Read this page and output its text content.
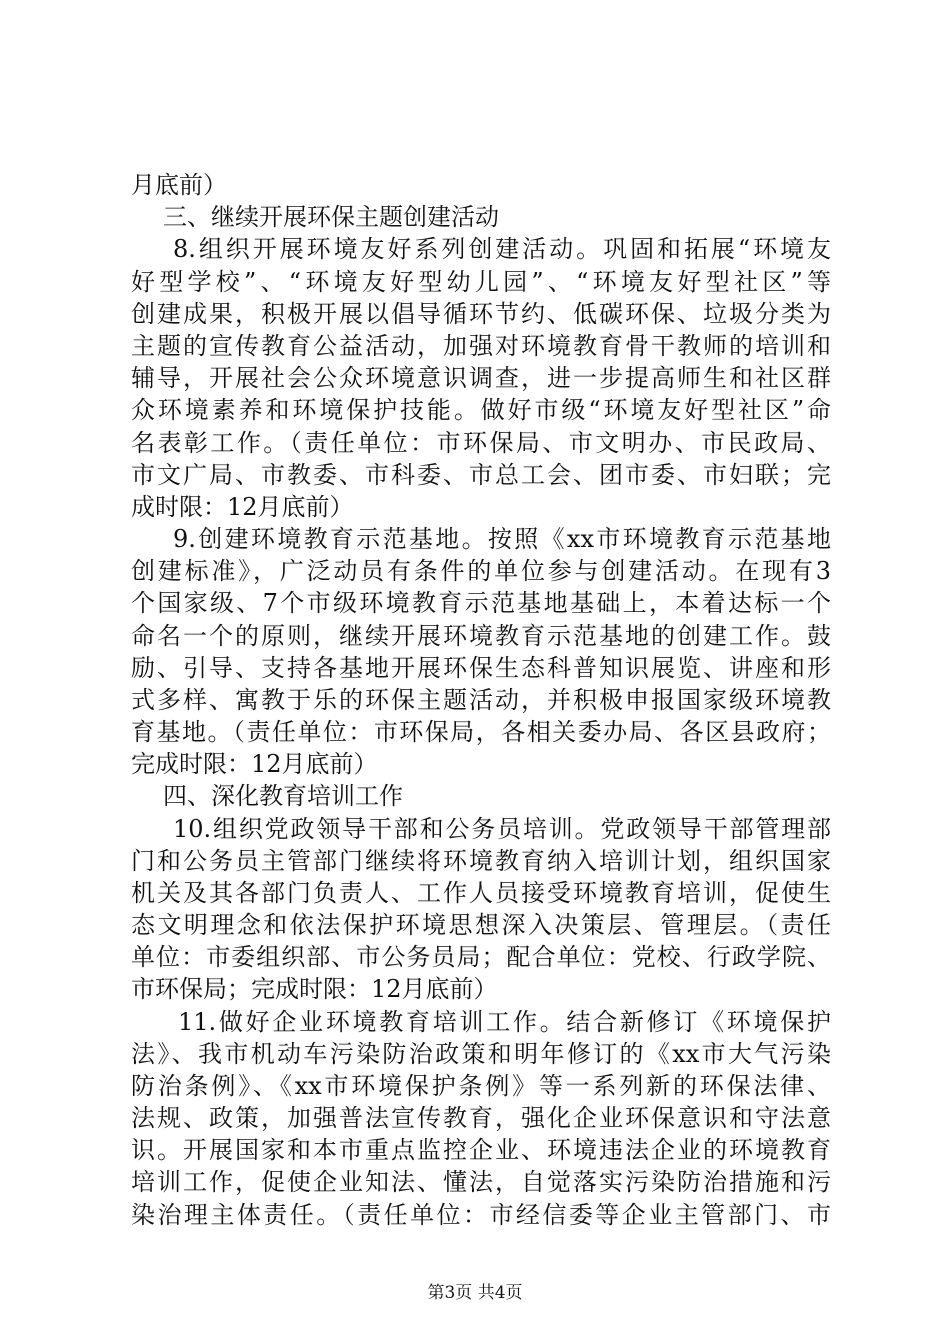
月底前）
三、继续开展环保主题创建活动
8.组织开展环境友好系列创建活动。巩固和拓展“环境友
好型学校”、“环境友好型幼儿园”、“环境友好型社区”等
创建成果，积极开展以倡导循环节约、低碳环保、垃圾分类为
主题的宣传教育公益活动，加强对环境教育骨干教师的培训和
辅导，开展社会公众环境意识调查，进一步提高师生和社区群
众环境素养和环境保护技能。做好市级“环境友好型社区”命
名表彰工作。（责任单位：市环保局、市文明办、市民政局、
市文广局、市教委、市科委、市总工会、团市委、市妇联；完
成时限：12月底前）
9.创建环境教育示范基地。按照《xx市环境教育示范基地
创建标准》，广泛动员有条件的单位参与创建活动。在现有3
个国家级、7个市级环境教育示范基地基础上，本着达标一个
命名一个的原则，继续开展环境教育示范基地的创建工作。鼓
励、引导、支持各基地开展环保生态科普知识展览、讲座和形
式多样、寓教于乐的环保主题活动，并积极申报国家级环境教
育基地。（责任单位：市环保局，各相关委办局、各区县政府；
完成时限：12月底前）
四、深化教育培训工作
10.组织党政领导干部和公务员培训。党政领导干部管理部
门和公务员主管部门继续将环境教育纳入培训计划，组织国家
机关及其各部门负责人、工作人员接受环境教育培训，促使生
态文明理念和依法保护环境思想深入决策层、管理层。（责任
单位：市委组织部、市公务员局；配合单位：党校、行政学院、
市环保局；完成时限：12月底前）
11.做好企业环境教育培训工作。结合新修订《环境保护
法》、我市机动车污染防治政策和明年修订的《xx市大气污染
防治条例》、《xx市环境保护条例》等一系列新的环保法律、
法规、政策，加强普法宣传教育，强化企业环保意识和守法意
识。开展国家和本市重点监控企业、环境违法企业的环境教育
培训工作，促使企业知法、懂法，自觉落实污染防治措施和污
染治理主体责任。（责任单位：市经信委等企业主管部门、市
第3页 共4页
